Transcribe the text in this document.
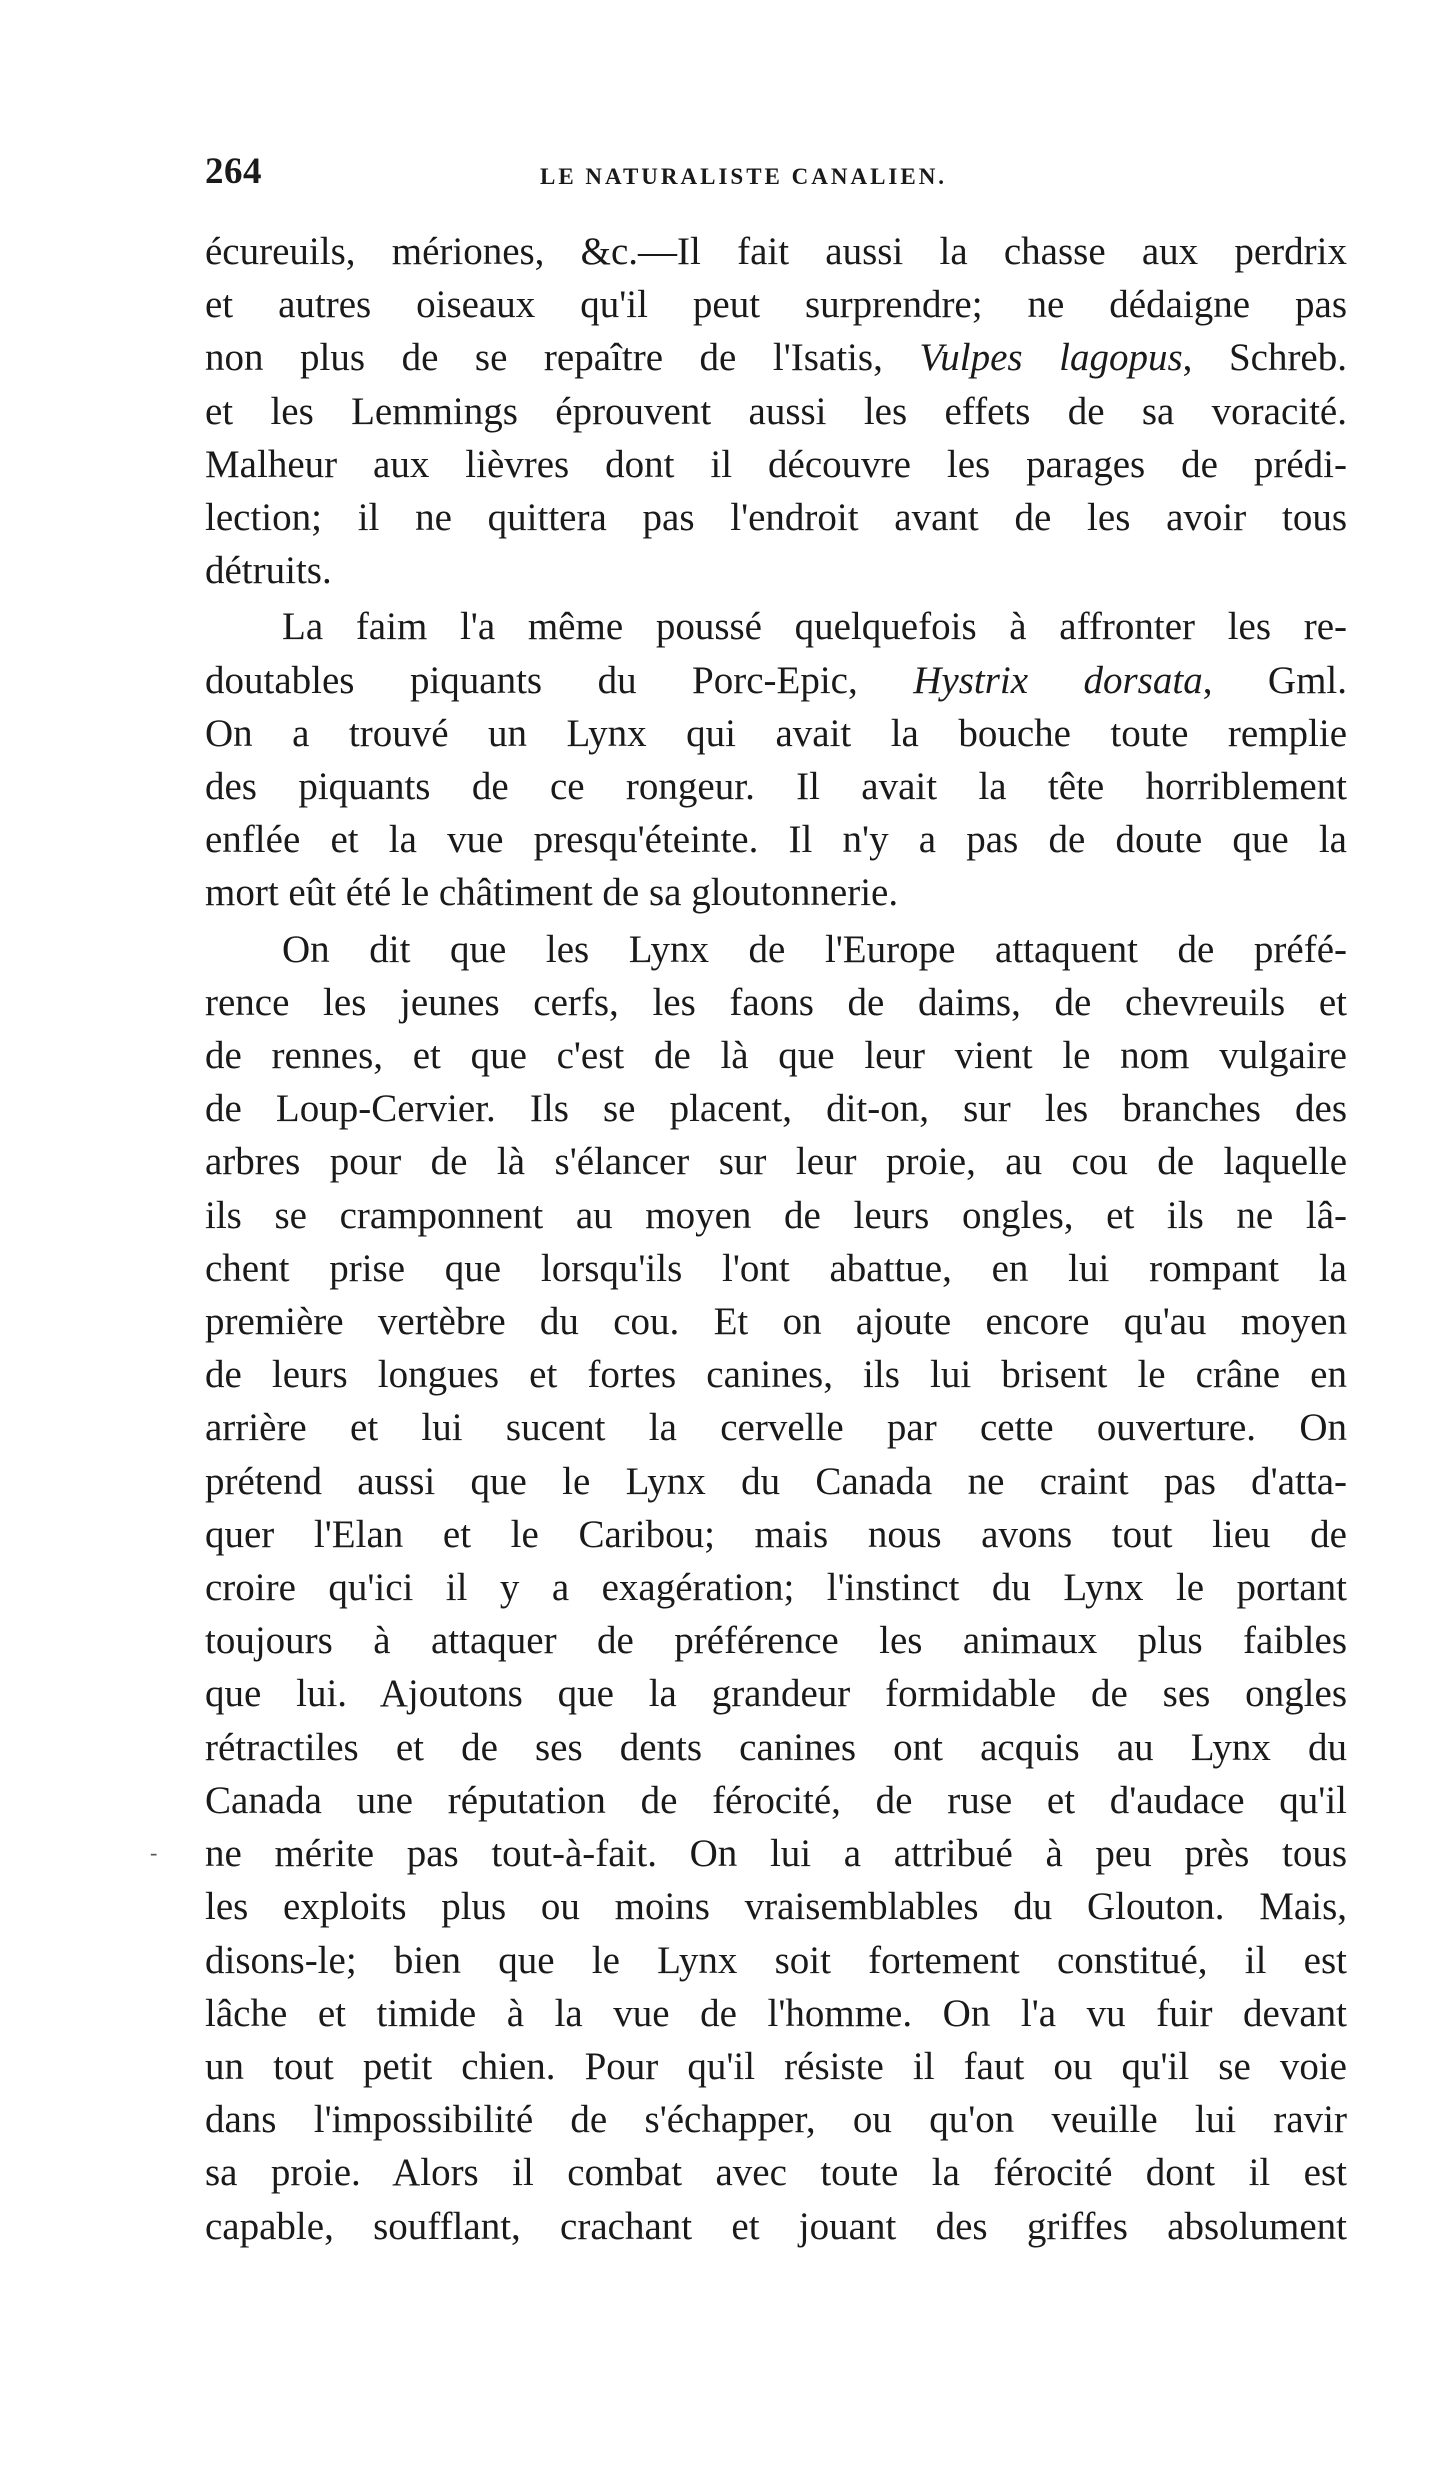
264	LE NATURALISTE CANALIEN.
-
écureuils, mériones, &c.—Il fait aussi la chasse aux perdrix
et autres oiseaux qu'il peut surprendre; ne dédaigne pas
non plus de se repaître de l'Isatis, Vulpes lagopus, Schreb.
et les Lemmings éprouvent aussi les effets de sa voracité.
Malheur aux lièvres dont il découvre les parages de prédi-
lection; il ne quittera pas l'endroit avant de les avoir tous
détruits.
La faim l'a même poussé quelquefois à affronter les re-
doutables piquants du Porc-Epic, Hystrix dorsata, Gml.
On a trouvé un Lynx qui avait la bouche toute remplie
des piquants de ce rongeur. Il avait la tête horriblement
enflée et la vue presqu'éteinte. Il n'y a pas de doute que la
mort eût été le châtiment de sa gloutonnerie.
On dit que les Lynx de l'Europe attaquent de préfé-
rence les jeunes cerfs, les faons de daims, de chevreuils et
de rennes, et que c'est de là que leur vient le nom vulgaire
de Loup-Cervier. Ils se placent, dit-on, sur les branches des
arbres pour de là s'élancer sur leur proie, au cou de laquelle
ils se cramponnent au moyen de leurs ongles, et ils ne lâ-
chent prise que lorsqu'ils l'ont abattue, en lui rompant la
première vertèbre du cou. Et on ajoute encore qu'au moyen
de leurs longues et fortes canines, ils lui brisent le crâne en
arrière et lui sucent la cervelle par cette ouverture. On
prétend aussi que le Lynx du Canada ne craint pas d'atta-
quer l'Elan et le Caribou; mais nous avons tout lieu de
croire qu'ici il y a exagération; l'instinct du Lynx le portant
toujours à attaquer de préférence les animaux plus faibles
que lui. Ajoutons que la grandeur formidable de ses ongles
rétractiles et de ses dents canines ont acquis au Lynx du
Canada une réputation de férocité, de ruse et d'audace qu'il
ne mérite pas tout-à-fait. On lui a attribué à peu près tous
les exploits plus ou moins vraisemblables du Glouton. Mais,
disons-le; bien que le Lynx soit fortement constitué, il est
lâche et timide à la vue de l'homme. On l'a vu fuir devant
un tout petit chien. Pour qu'il résiste il faut ou qu'il se voie
dans l'impossibilité de s'échapper, ou qu'on veuille lui ravir
sa proie. Alors il combat avec toute la férocité dont il est
capable, soufflant, crachant et jouant des griffes absolument
